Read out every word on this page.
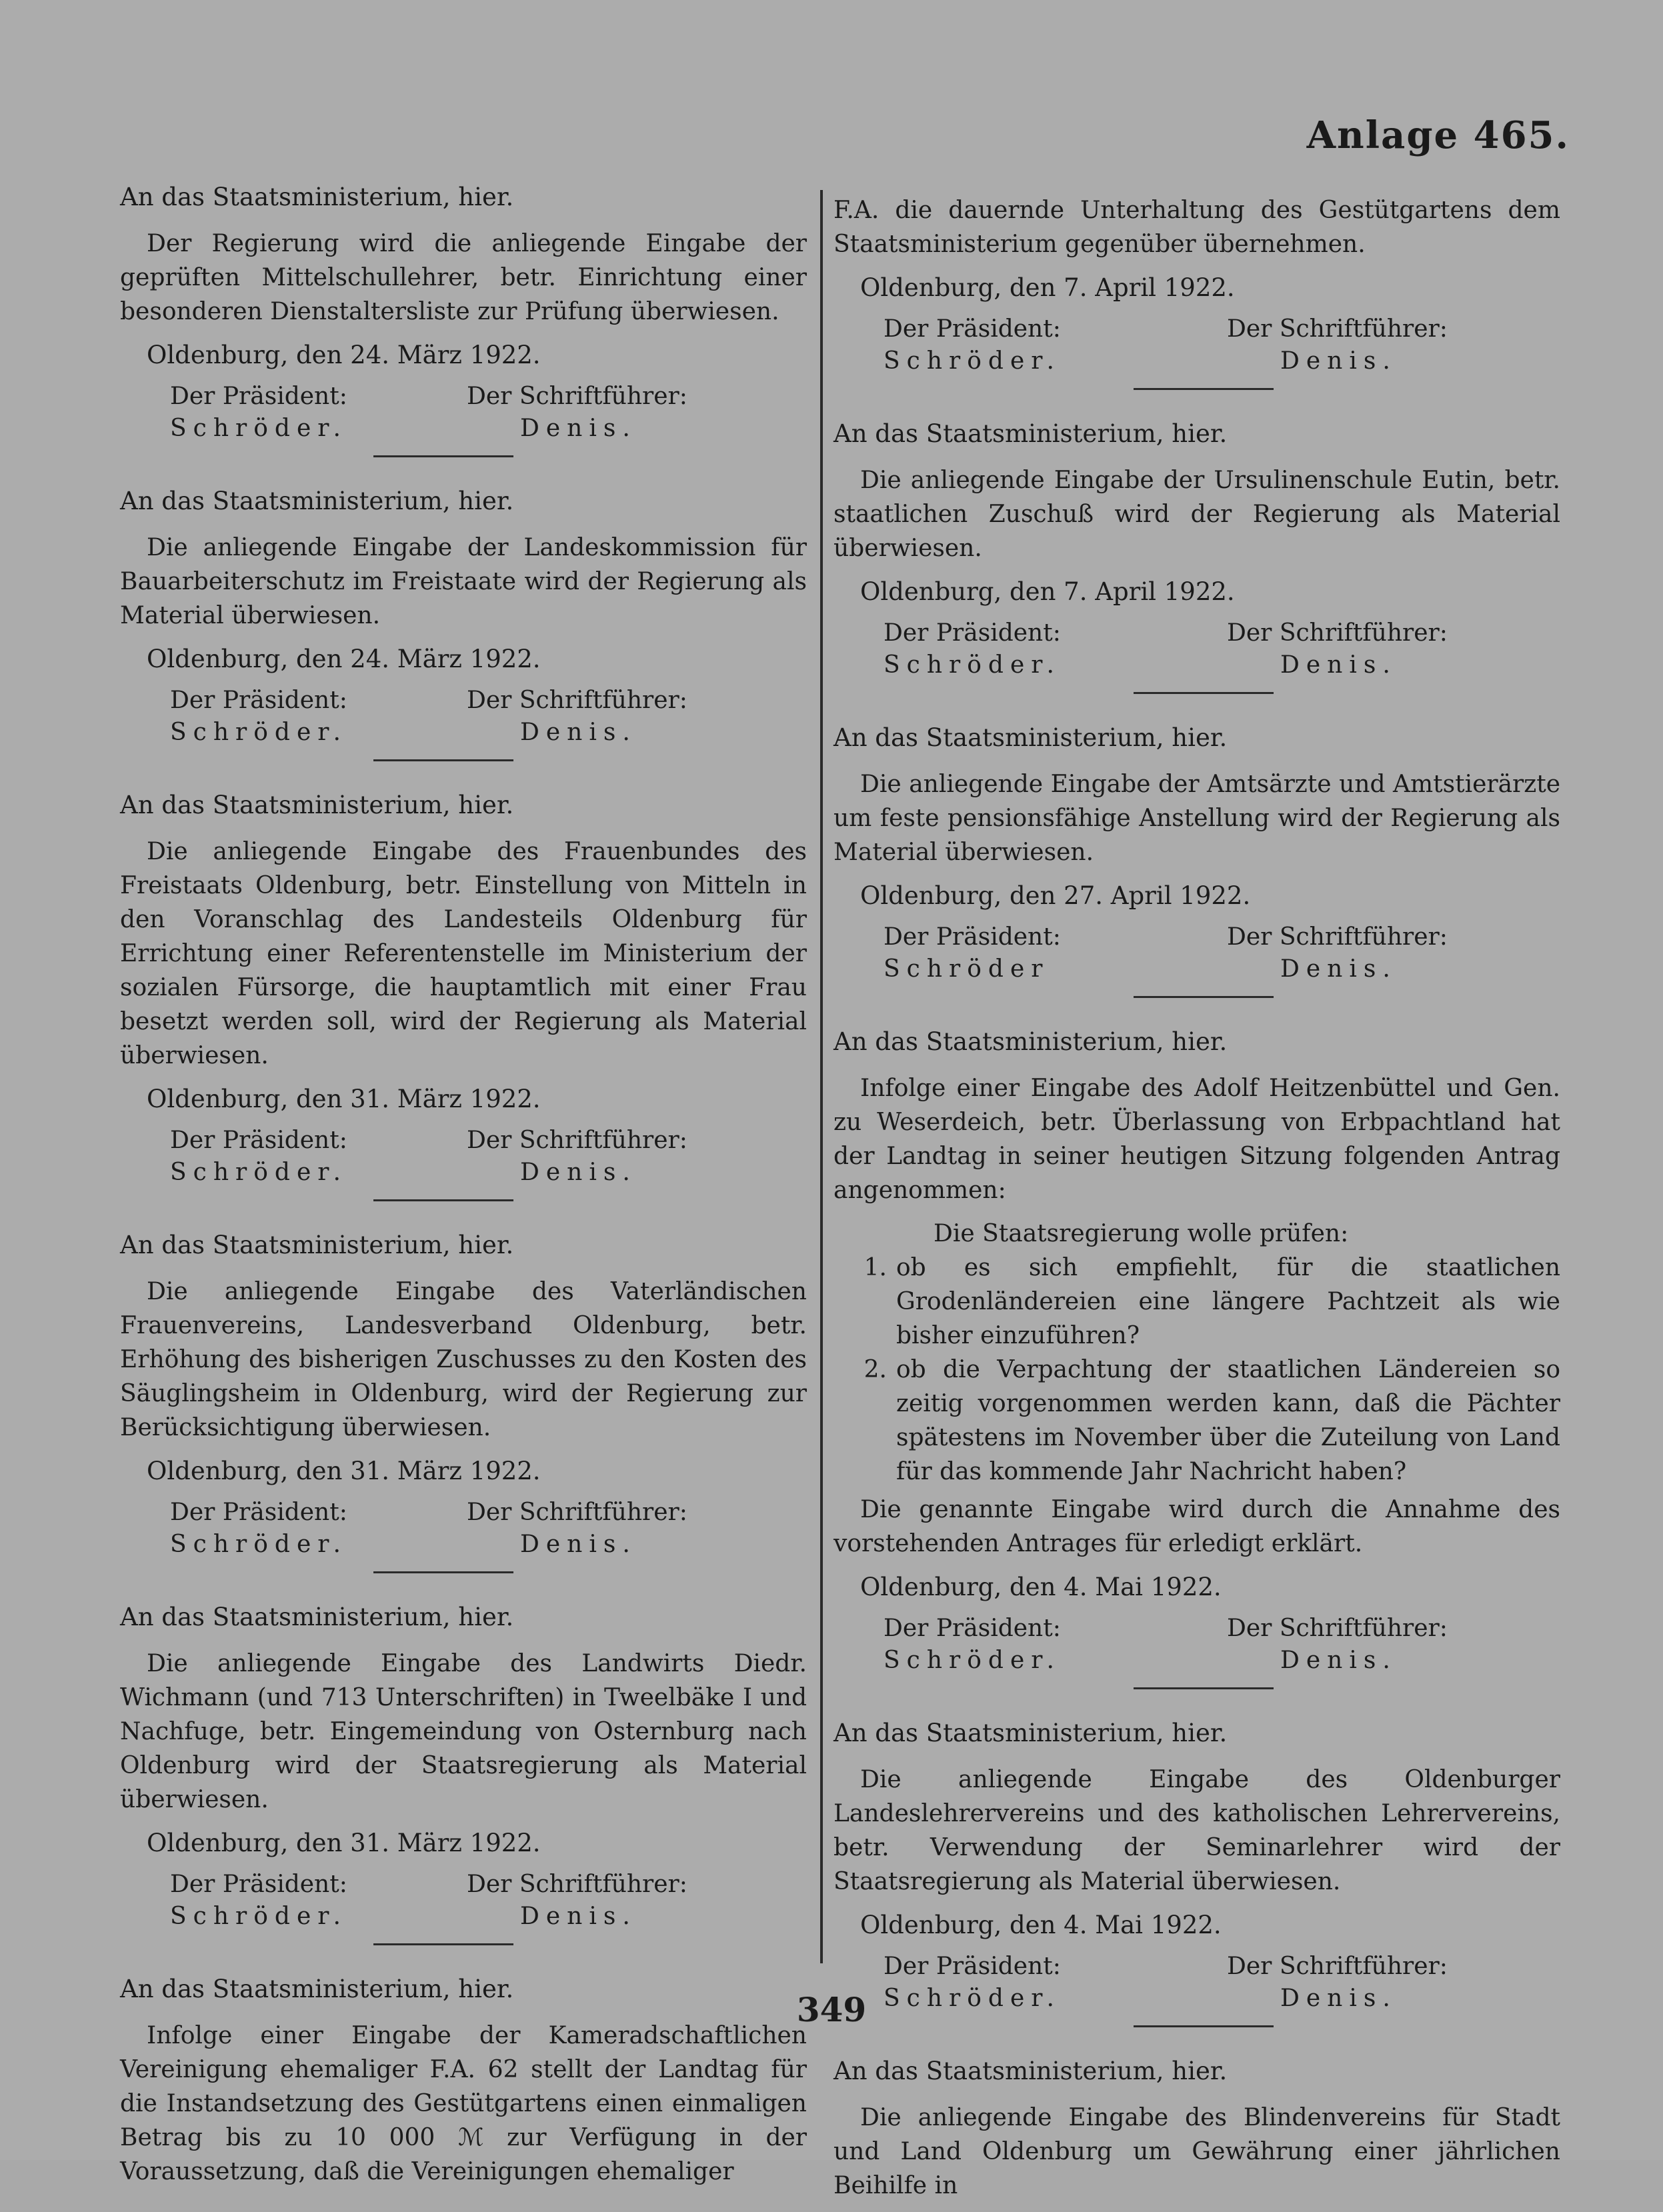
Anlage 465.
An das Staatsministerium, hier.

Der Regierung wird die anliegende Eingabe der geprüften Mittelschullehrer, betr. Einrichtung einer besonderen Dienstaltersliste zur Prüfung überwiesen.

Oldenburg, den 24. März 1922.
Der Präsident:
Schröder.
Der Schriftführer:
Denis.
An das Staatsministerium, hier.

Die anliegende Eingabe der Landeskommission für Bauarbeiterschutz im Freistaate wird der Regierung als Material überwiesen.

Oldenburg, den 24. März 1922.
Der Präsident:
Schröder.
Der Schriftführer:
Denis.
An das Staatsministerium, hier.

Die anliegende Eingabe des Frauenbundes des Freistaats Oldenburg, betr. Einstellung von Mitteln in den Voranschlag des Landesteils Oldenburg für Errichtung einer Referentenstelle im Ministerium der sozialen Fürsorge, die hauptamtlich mit einer Frau besetzt werden soll, wird der Regierung als Material überwiesen.

Oldenburg, den 31. März 1922.
Der Präsident:
Schröder.
Der Schriftführer:
Denis.
An das Staatsministerium, hier.

Die anliegende Eingabe des Vaterländischen Frauenvereins, Landesverband Oldenburg, betr. Erhöhung des bisherigen Zuschusses zu den Kosten des Säuglingsheim in Oldenburg, wird der Regierung zur Berücksichtigung überwiesen.

Oldenburg, den 31. März 1922.
Der Präsident:
Schröder.
Der Schriftführer:
Denis.
An das Staatsministerium, hier.

Die anliegende Eingabe des Landwirts Diedr. Wichmann (und 713 Unterschriften) in Tweelbäke I und Nachfuge, betr. Eingemeindung von Osternburg nach Oldenburg wird der Staatsregierung als Material überwiesen.

Oldenburg, den 31. März 1922.
Der Präsident:
Schröder.
Der Schriftführer:
Denis.
An das Staatsministerium, hier.

Infolge einer Eingabe der Kameradschaftlichen Vereinigung ehemaliger F.A. 62 stellt der Landtag für die Instandsetzung des Gestütgartens einen einmaligen Betrag bis zu 10 000 ℳ zur Verfügung in der Voraussetzung, daß die Vereinigungen ehemaliger

F.A. die dauernde Unterhaltung des Gestütgartens dem Staatsministerium gegenüber übernehmen.

Oldenburg, den 7. April 1922.
Der Präsident:
Schröder.
Der Schriftführer:
Denis.
An das Staatsministerium, hier.

Die anliegende Eingabe der Ursulinenschule Eutin, betr. staatlichen Zuschuß wird der Regierung als Material überwiesen.

Oldenburg, den 7. April 1922.
Der Präsident:
Schröder.
Der Schriftführer:
Denis.
An das Staatsministerium, hier.

Die anliegende Eingabe der Amtsärzte und Amtstierärzte um feste pensionsfähige Anstellung wird der Regierung als Material überwiesen.

Oldenburg, den 27. April 1922.
Der Präsident:
Schröder
Der Schriftführer:
Denis.
An das Staatsministerium, hier.

Infolge einer Eingabe des Adolf Heitzenbüttel und Gen. zu Weserdeich, betr. Überlassung von Erbpachtland hat der Landtag in seiner heutigen Sitzung folgenden Antrag angenommen:

Die Staatsregierung wolle prüfen:
1. ob es sich empfiehlt, für die staatlichen Grodenländereien eine längere Pachtzeit als wie bisher einzuführen?
2. ob die Verpachtung der staatlichen Ländereien so zeitig vorgenommen werden kann, daß die Pächter spätestens im November über die Zuteilung von Land für das kommende Jahr Nachricht haben?

Die genannte Eingabe wird durch die Annahme des vorstehenden Antrages für erledigt erklärt.

Oldenburg, den 4. Mai 1922.
Der Präsident:
Schröder.
Der Schriftführer:
Denis.
An das Staatsministerium, hier.

Die anliegende Eingabe des Oldenburger Landeslehrervereins und des katholischen Lehrervereins, betr. Verwendung der Seminarlehrer wird der Staatsregierung als Material überwiesen.

Oldenburg, den 4. Mai 1922.
Der Präsident:
Schröder.
Der Schriftführer:
Denis.
An das Staatsministerium, hier.

Die anliegende Eingabe des Blindenvereins für Stadt und Land Oldenburg um Gewährung einer jährlichen Beihilfe in

349
